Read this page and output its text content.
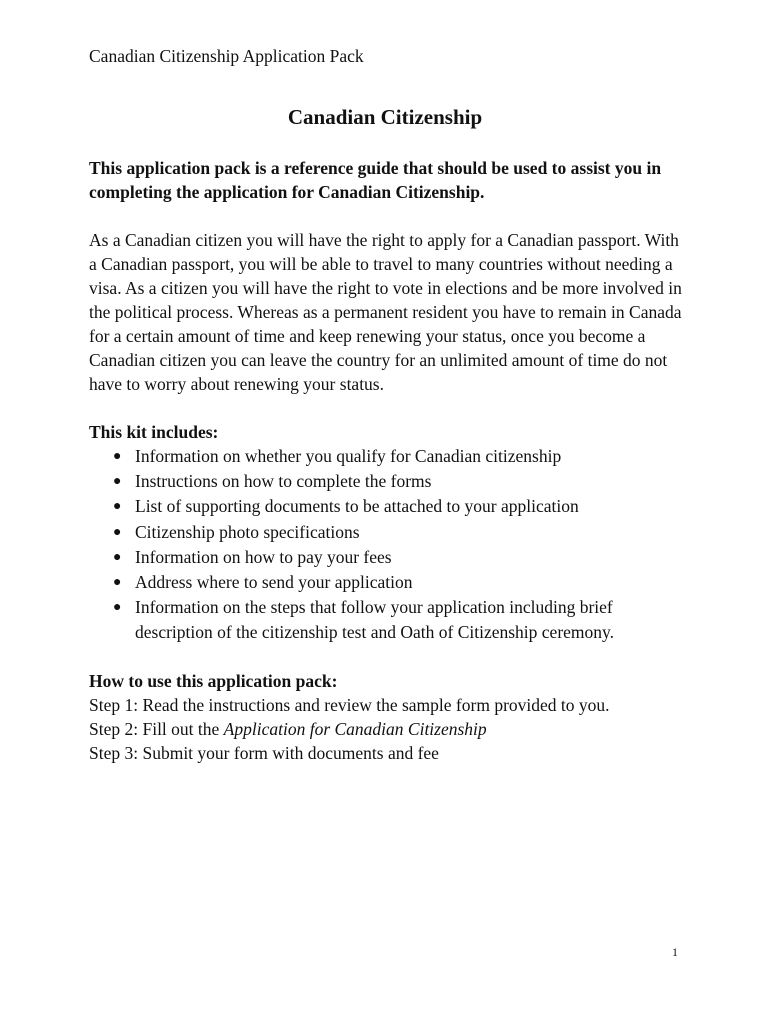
Canadian Citizenship Application Pack
Canadian Citizenship

This application pack is a reference guide that should be used to assist you in completing the application for Canadian Citizenship.

As a Canadian citizen you will have the right to apply for a Canadian passport. With a Canadian passport, you will be able to travel to many countries without needing a visa. As a citizen you will have the right to vote in elections and be more involved in the political process. Whereas as a permanent resident you have to remain in Canada for a certain amount of time and keep renewing your status, once you become a Canadian citizen you can leave the country for an unlimited amount of time do not have to worry about renewing your status.

This kit includes:

● Information on whether you qualify for Canadian citizenship
● Instructions on how to complete the forms
● List of supporting documents to be attached to your application
● Citizenship photo specifications
● Information on how to pay your fees
● Address where to send your application
● Information on the steps that follow your application including brief description of the citizenship test and Oath of Citizenship ceremony.

How to use this application pack:

Step 1: Read the instructions and review the sample form provided to you.

Step 2: Fill out the Application for Canadian Citizenship

Step 3: Submit your form with documents and fee

1
